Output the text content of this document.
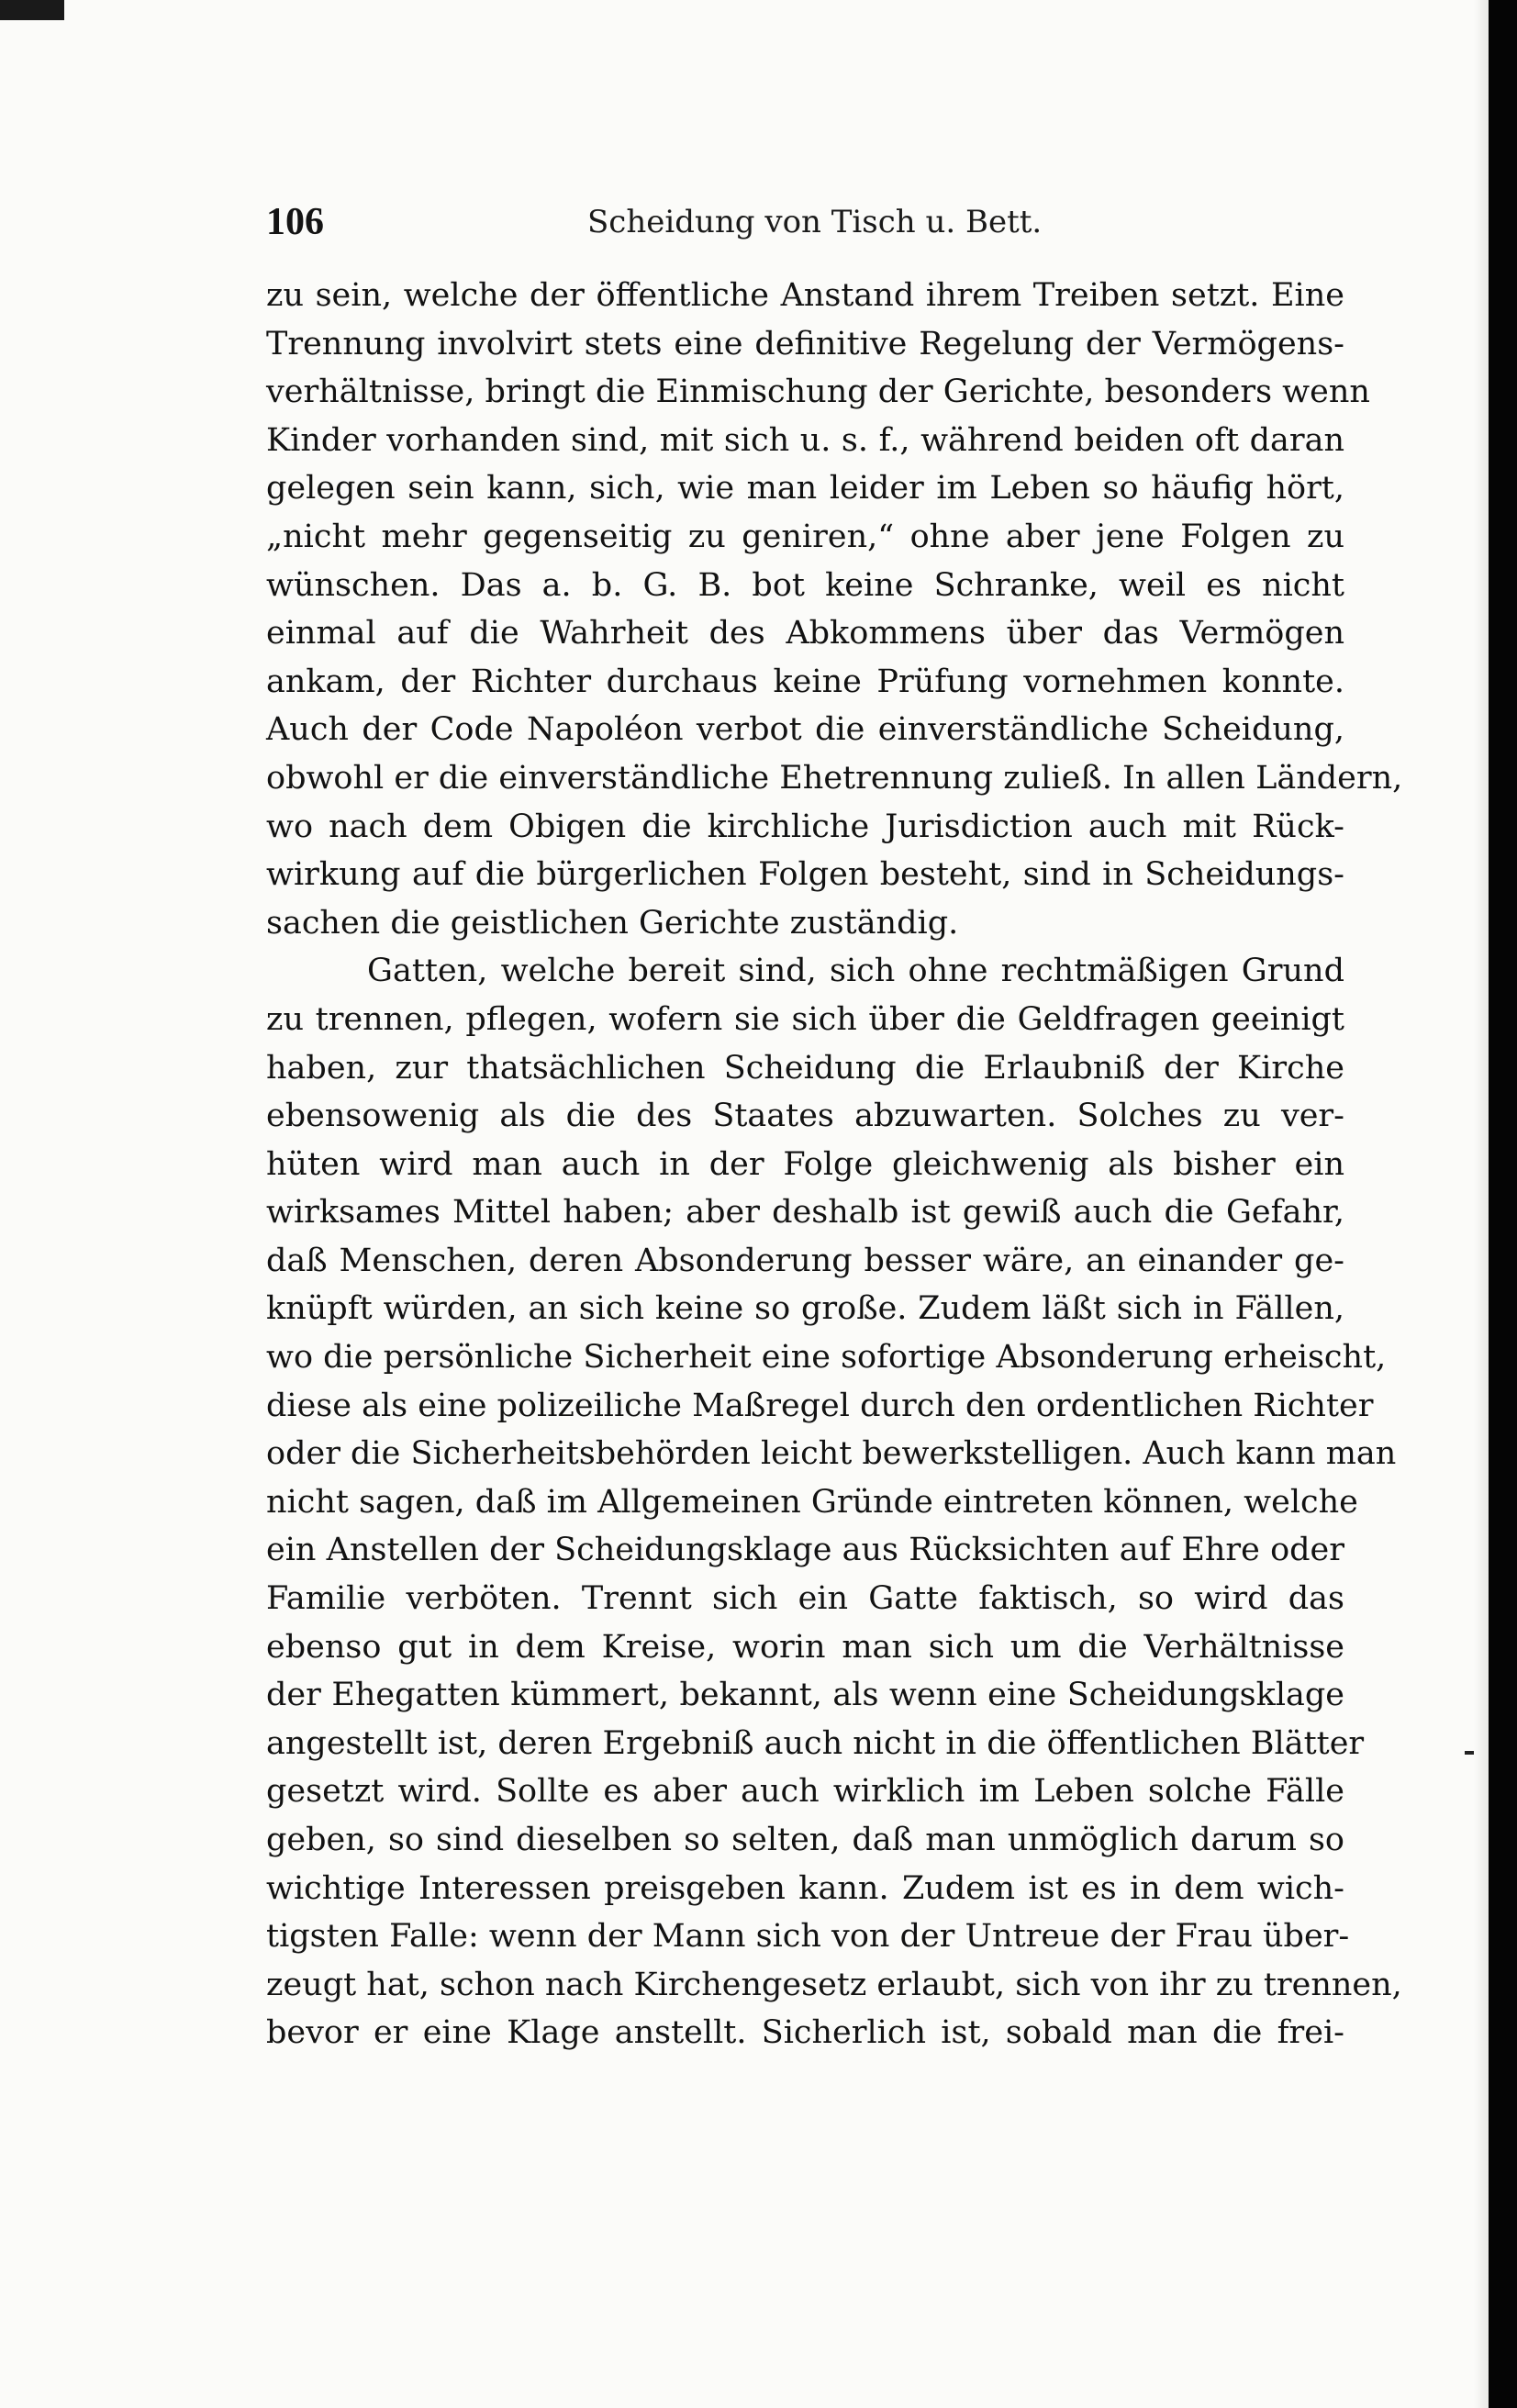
106	Scheidung von Tisch u. Bett.
zu sein, welche der öffentliche Anstand ihrem Treiben setzt. Eine
Trennung involvirt stets eine definitive Regelung der Vermögens-
verhältnisse, bringt die Einmischung der Gerichte, besonders wenn
Kinder vorhanden sind, mit sich u. s. f., während beiden oft daran
gelegen sein kann, sich, wie man leider im Leben so häufig hört,
„nicht mehr gegenseitig zu geniren,“ ohne aber jene Folgen zu
wünschen. Das a. b. G. B. bot keine Schranke, weil es nicht
einmal auf die Wahrheit des Abkommens über das Vermögen
ankam, der Richter durchaus keine Prüfung vornehmen konnte.
Auch der Code Napoléon verbot die einverständliche Scheidung,
obwohl er die einverständliche Ehetrennung zuließ. In allen Ländern,
wo nach dem Obigen die kirchliche Jurisdiction auch mit Rück-
wirkung auf die bürgerlichen Folgen besteht, sind in Scheidungs-
sachen die geistlichen Gerichte zuständig.
Gatten, welche bereit sind, sich ohne rechtmäßigen Grund
zu trennen, pflegen, wofern sie sich über die Geldfragen geeinigt
haben, zur thatsächlichen Scheidung die Erlaubniß der Kirche
ebensowenig als die des Staates abzuwarten. Solches zu ver-
hüten wird man auch in der Folge gleichwenig als bisher ein
wirksames Mittel haben; aber deshalb ist gewiß auch die Gefahr,
daß Menschen, deren Absonderung besser wäre, an einander ge-
knüpft würden, an sich keine so große. Zudem läßt sich in Fällen,
wo die persönliche Sicherheit eine sofortige Absonderung erheischt,
diese als eine polizeiliche Maßregel durch den ordentlichen Richter
oder die Sicherheitsbehörden leicht bewerkstelligen. Auch kann man
nicht sagen, daß im Allgemeinen Gründe eintreten können, welche
ein Anstellen der Scheidungsklage aus Rücksichten auf Ehre oder
Familie verböten. Trennt sich ein Gatte faktisch, so wird das
ebenso gut in dem Kreise, worin man sich um die Verhältnisse
der Ehegatten kümmert, bekannt, als wenn eine Scheidungsklage
angestellt ist, deren Ergebniß auch nicht in die öffentlichen Blätter
gesetzt wird. Sollte es aber auch wirklich im Leben solche Fälle
geben, so sind dieselben so selten, daß man unmöglich darum so
wichtige Interessen preisgeben kann. Zudem ist es in dem wich-
tigsten Falle: wenn der Mann sich von der Untreue der Frau über-
zeugt hat, schon nach Kirchengesetz erlaubt, sich von ihr zu trennen,
bevor er eine Klage anstellt. Sicherlich ist, sobald man die frei-
